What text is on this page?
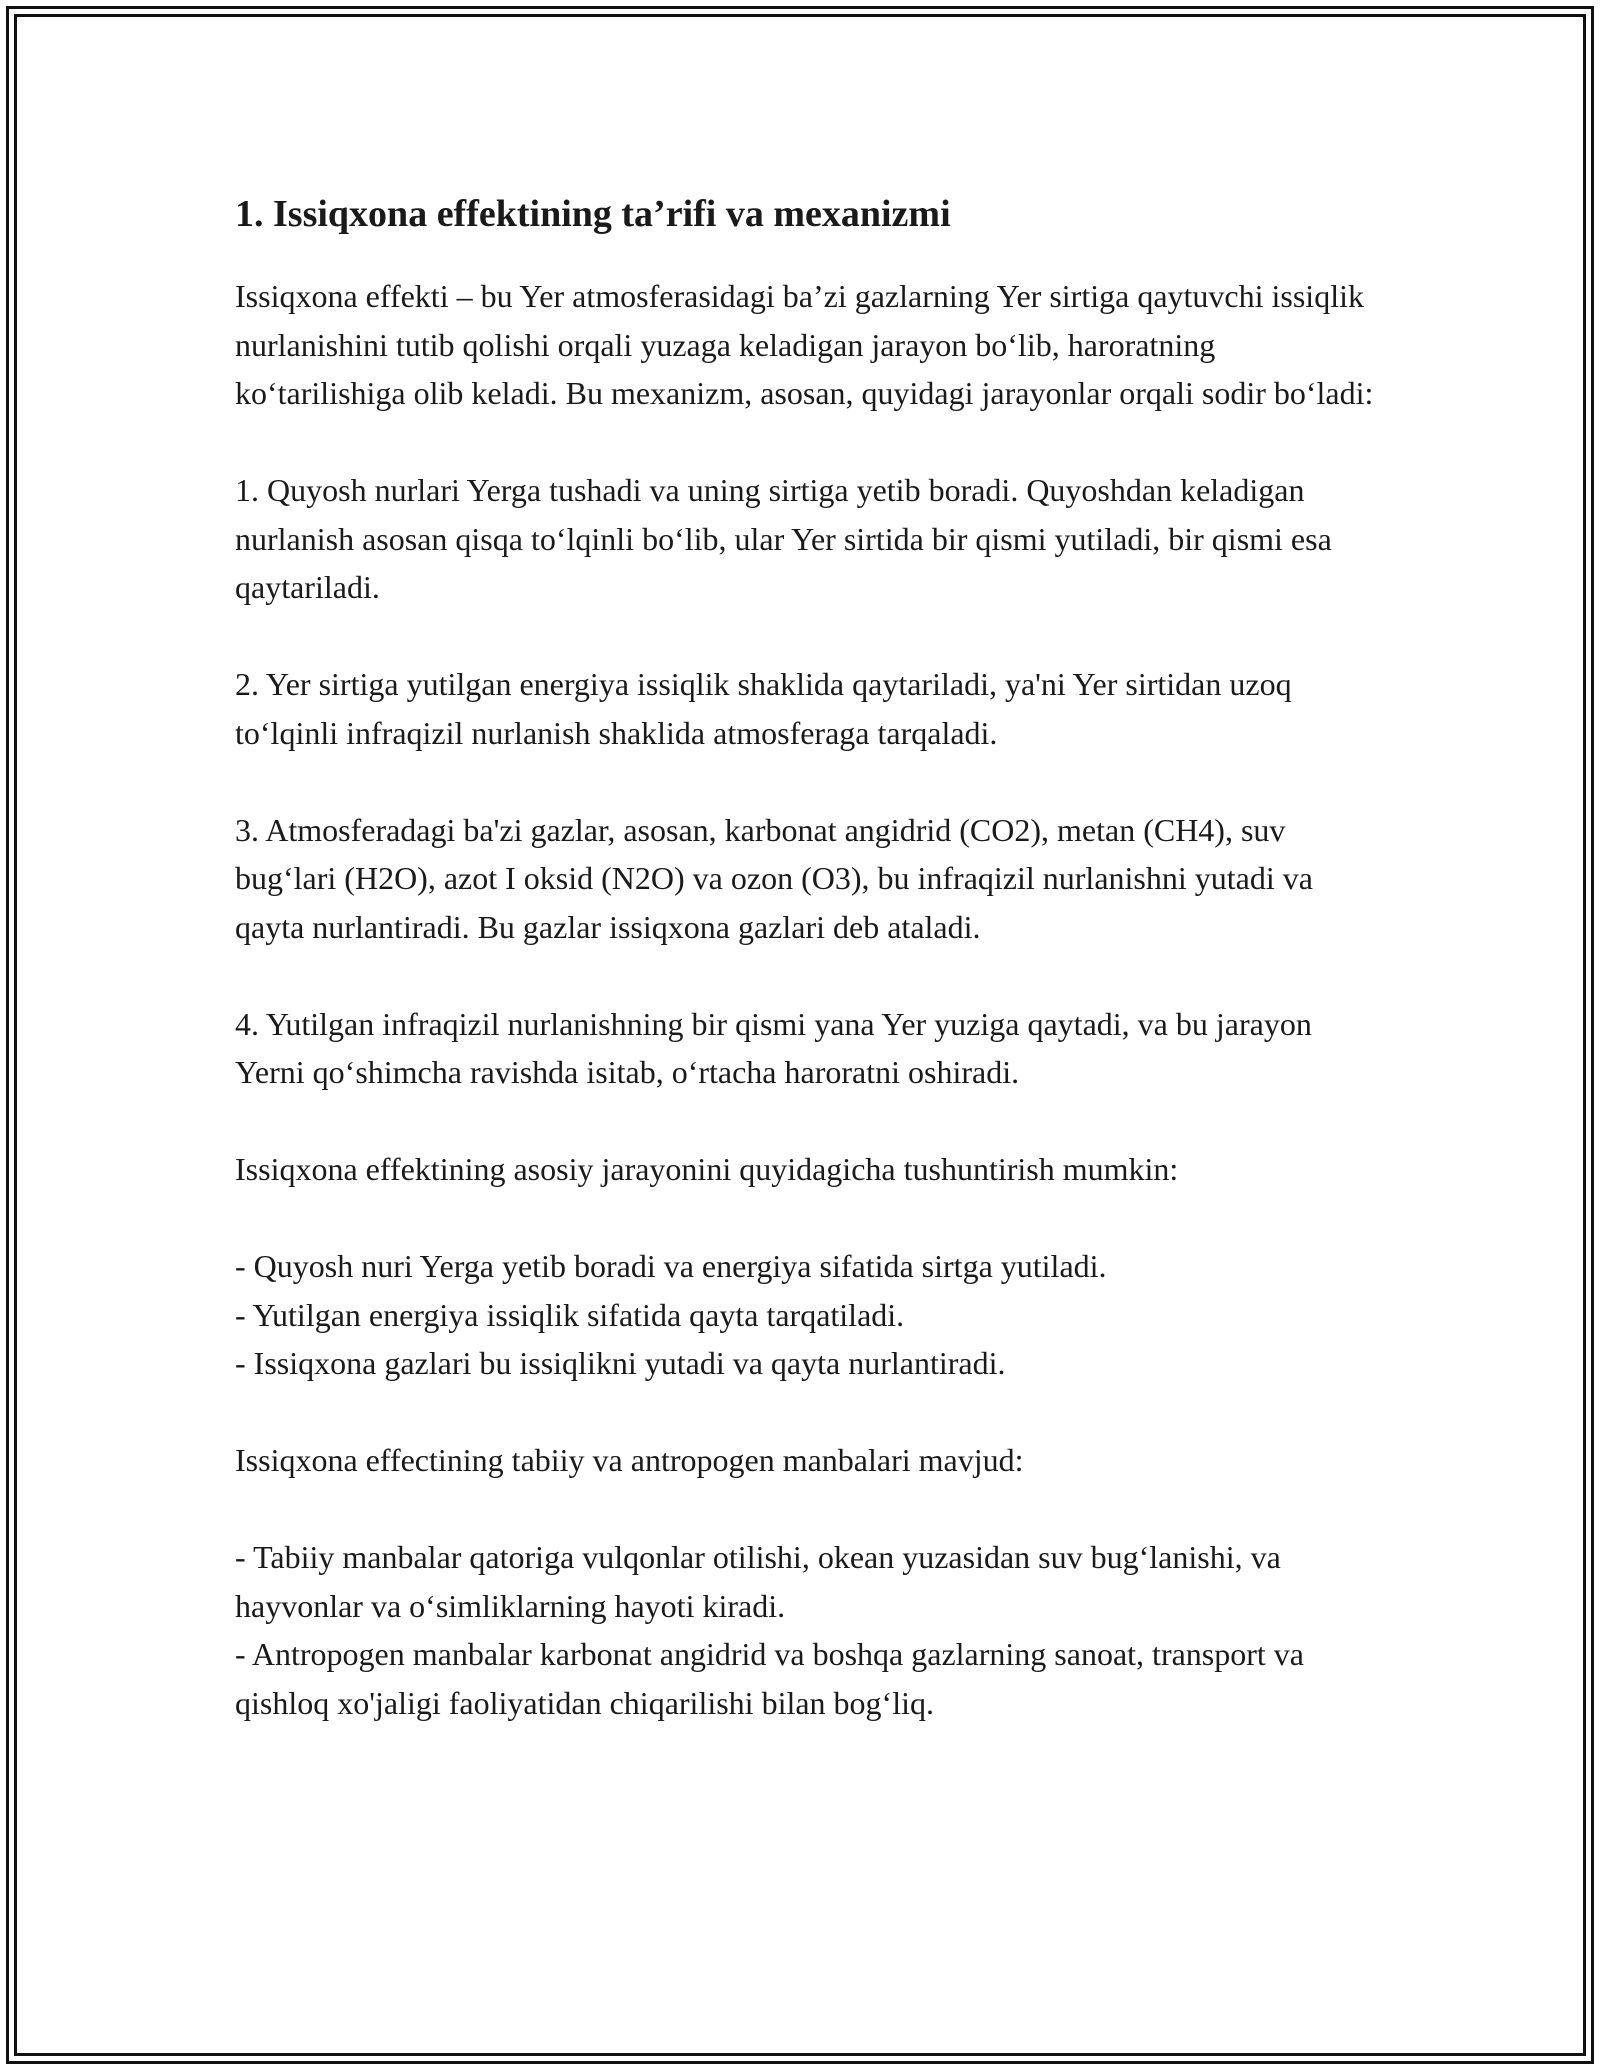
1. Issiqxona effektining ta’rifi va mexanizmi

Issiqxona effekti – bu Yer atmosferasidagi ba’zi gazlarning Yer sirtiga qaytuvchi issiqlik nurlanishini tutib qolishi orqali yuzaga keladigan jarayon bo‘lib, haroratning ko‘tarilishiga olib keladi. Bu mexanizm, asosan, quyidagi jarayonlar orqali sodir bo‘ladi:

1. Quyosh nurlari Yerga tushadi va uning sirtiga yetib boradi. Quyoshdan keladigan nurlanish asosan qisqa to‘lqinli bo‘lib, ular Yer sirtida bir qismi yutiladi, bir qismi esa qaytariladi.

2. Yer sirtiga yutilgan energiya issiqlik shaklida qaytariladi, ya'ni Yer sirtidan uzoq to‘lqinli infraqizil nurlanish shaklida atmosferaga tarqaladi.

3. Atmosferadagi ba'zi gazlar, asosan, karbonat angidrid (CO2), metan (CH4), suv bug‘lari (H2O), azot I oksid (N2O) va ozon (O3), bu infraqizil nurlanishni yutadi va qayta nurlantiradi. Bu gazlar issiqxona gazlari deb ataladi.

4. Yutilgan infraqizil nurlanishning bir qismi yana Yer yuziga qaytadi, va bu jarayon Yerni qo‘shimcha ravishda isitab, o‘rtacha haroratni oshiradi.

Issiqxona effektining asosiy jarayonini quyidagicha tushuntirish mumkin:

- Quyosh nuri Yerga yetib boradi va energiya sifatida sirtga yutiladi.
- Yutilgan energiya issiqlik sifatida qayta tarqatiladi.
- Issiqxona gazlari bu issiqlikni yutadi va qayta nurlantiradi.

Issiqxona effectining tabiiy va antropogen manbalari mavjud:

- Tabiiy manbalar qatoriga vulqonlar otilishi, okean yuzasidan suv bug‘lanishi, va hayvonlar va o‘simliklarning hayoti kiradi.
- Antropogen manbalar karbonat angidrid va boshqa gazlarning sanoat, transport va qishloq xo'jaligi faoliyatidan chiqarilishi bilan bog‘liq.
